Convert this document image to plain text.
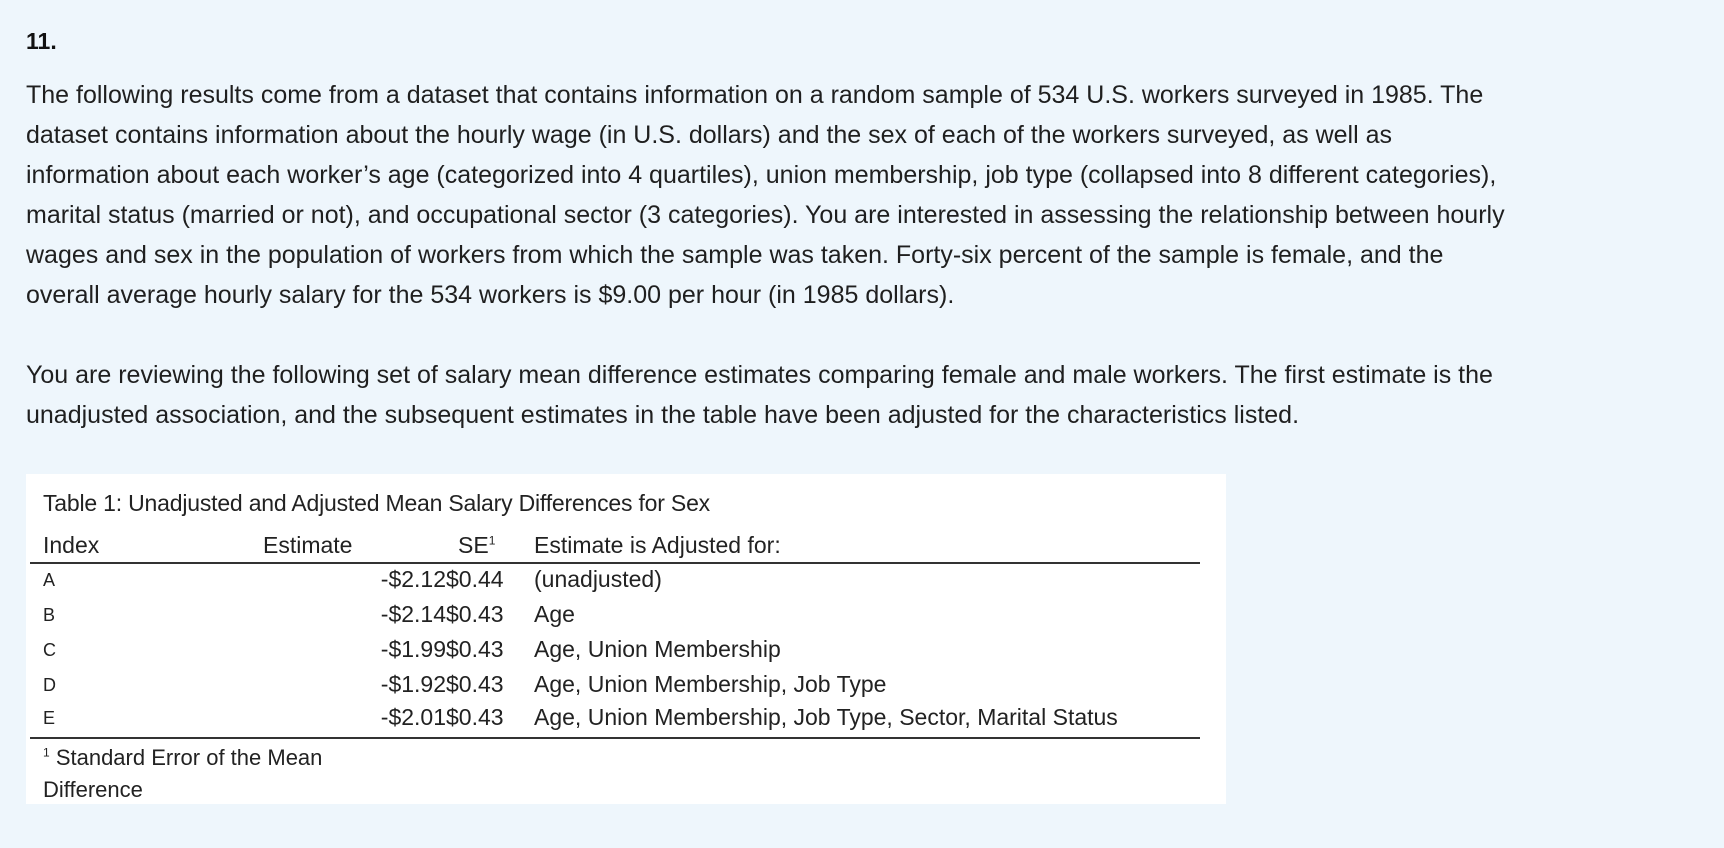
11.

The following results come from a dataset that contains information on a random sample of 534 U.S. workers surveyed in 1985. The
dataset contains information about the hourly wage (in U.S. dollars) and the sex of each of the workers surveyed, as well as
information about each worker’s age (categorized into 4 quartiles), union membership, job type (collapsed into 8 different categories),
marital status (married or not), and occupational sector (3 categories). You are interested in assessing the relationship between hourly
wages and sex in the population of workers from which the sample was taken. Forty-six percent of the sample is female, and the
overall average hourly salary for the 534 workers is $9.00 per hour (in 1985 dollars).

You are reviewing the following set of salary mean difference estimates comparing female and male workers. The first estimate is the
unadjusted association, and the subsequent estimates in the table have been adjusted for the characteristics listed.

Table 1: Unadjusted and Adjusted Mean Salary Differences for Sex
Index	Estimate	$SE^1$ Estimate is Adjusted for:
A	-$2.12 $0.44 (unadjusted)
B	-$2.14 $0.43 Age
C	-$1.99 $0.43 Age, Union Membership
D	-$1.92 $0.43 Age, Union Membership, Job Type
E	-$2.01 $0.43 Age, Union Membership, Job Type, Sector, Marital Status
$^1$ Standard Error of the Mean
Difference
